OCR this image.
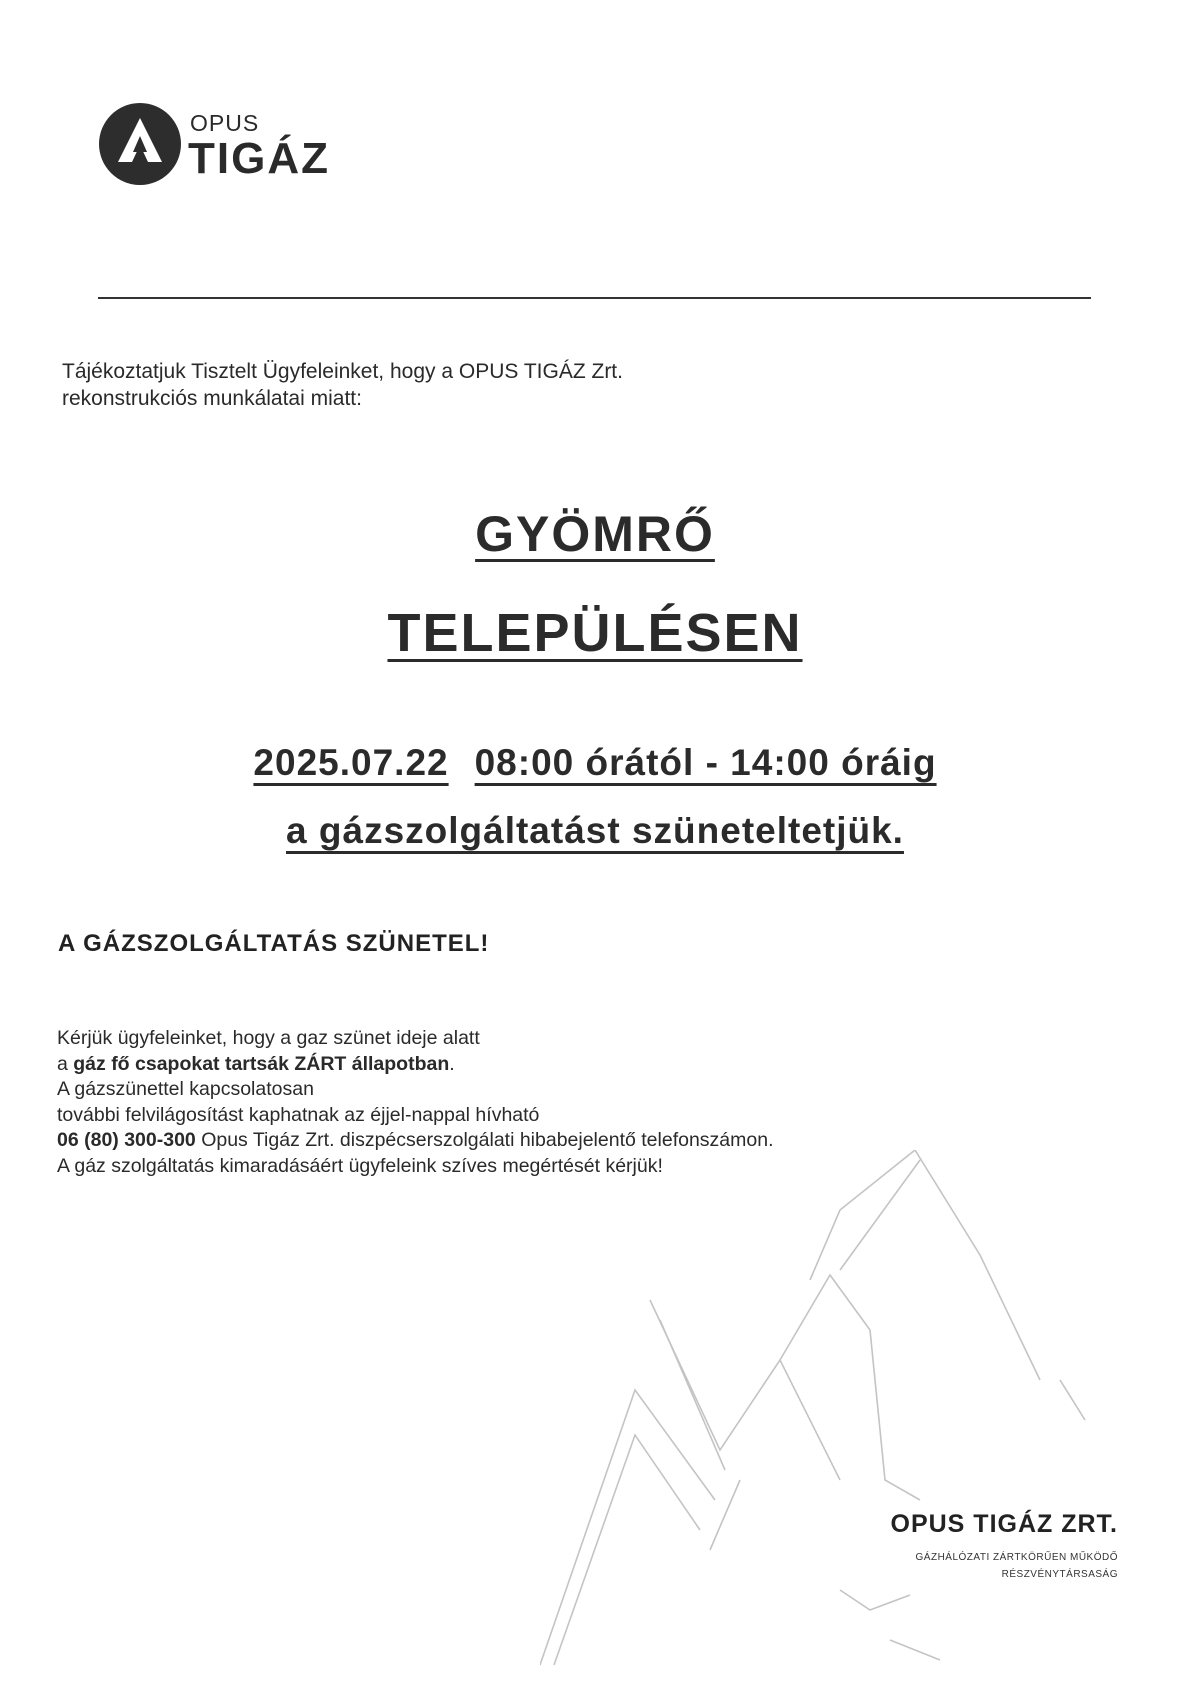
OPUS
TIGÁZ
Tájékoztatjuk Tisztelt Ügyfeleinket, hogy a OPUS TIGÁZ Zrt.
rekonstrukciós munkálatai miatt:
GYÖMRŐ
TELEPÜLÉSEN
2025.07.22 08:00 órától - 14:00 óráig
a gázszolgáltatást szüneteltetjük.
A GÁZSZOLGÁLTATÁS SZÜNETEL!
Kérjük ügyfeleinket, hogy a gaz szünet ideje alatt
a gáz fő csapokat tartsák ZÁRT állapotban.
A gázszünettel kapcsolatosan
további felvilágosítást kaphatnak az éjjel-nappal hívható
06 (80) 300-300 Opus Tigáz Zrt. diszpécserszolgálati hibabejelentő telefonszámon.
A gáz szolgáltatás kimaradásáért ügyfeleink szíves megértését kérjük!
OPUS TIGÁZ ZRT.
GÁZHÁLÓZATI ZÁRTKÖRŰEN MŰKÖDŐ
RÉSZVÉNYTÁRSASÁG
